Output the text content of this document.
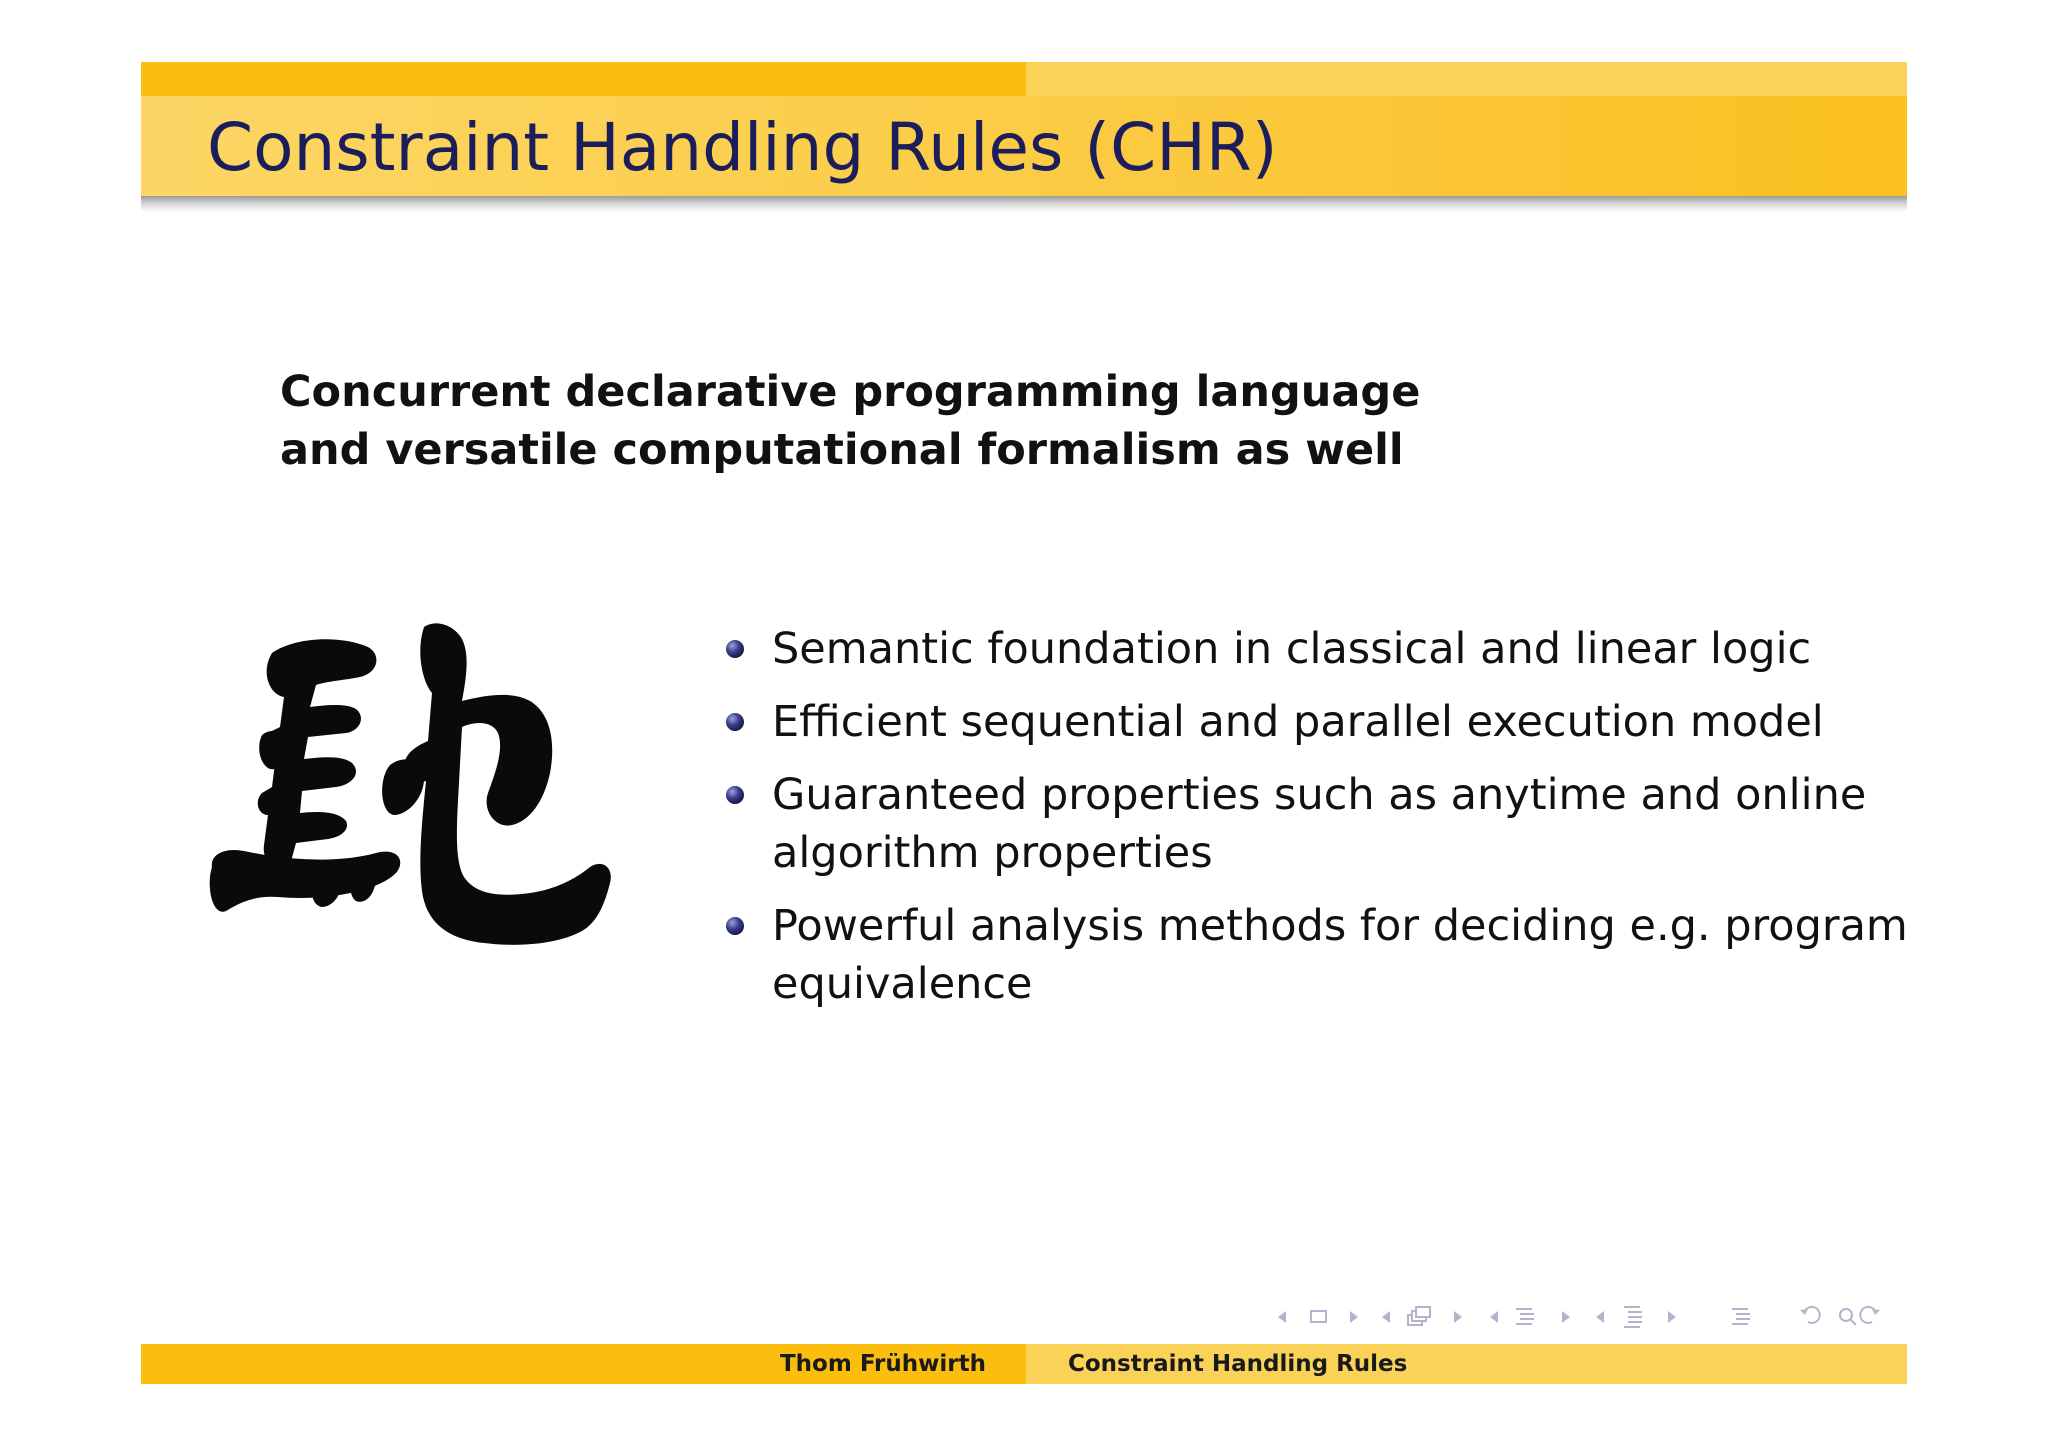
Constraint Handling Rules (CHR)
Concurrent declarative programming language
and versatile computational formalism as well
Semantic foundation in classical and linear logic
Efficient sequential and parallel execution model
Guaranteed properties such as anytime and online algorithm properties
Powerful analysis methods for deciding e.g. program equivalence
Thom Frühwirth	Constraint Handling Rules
